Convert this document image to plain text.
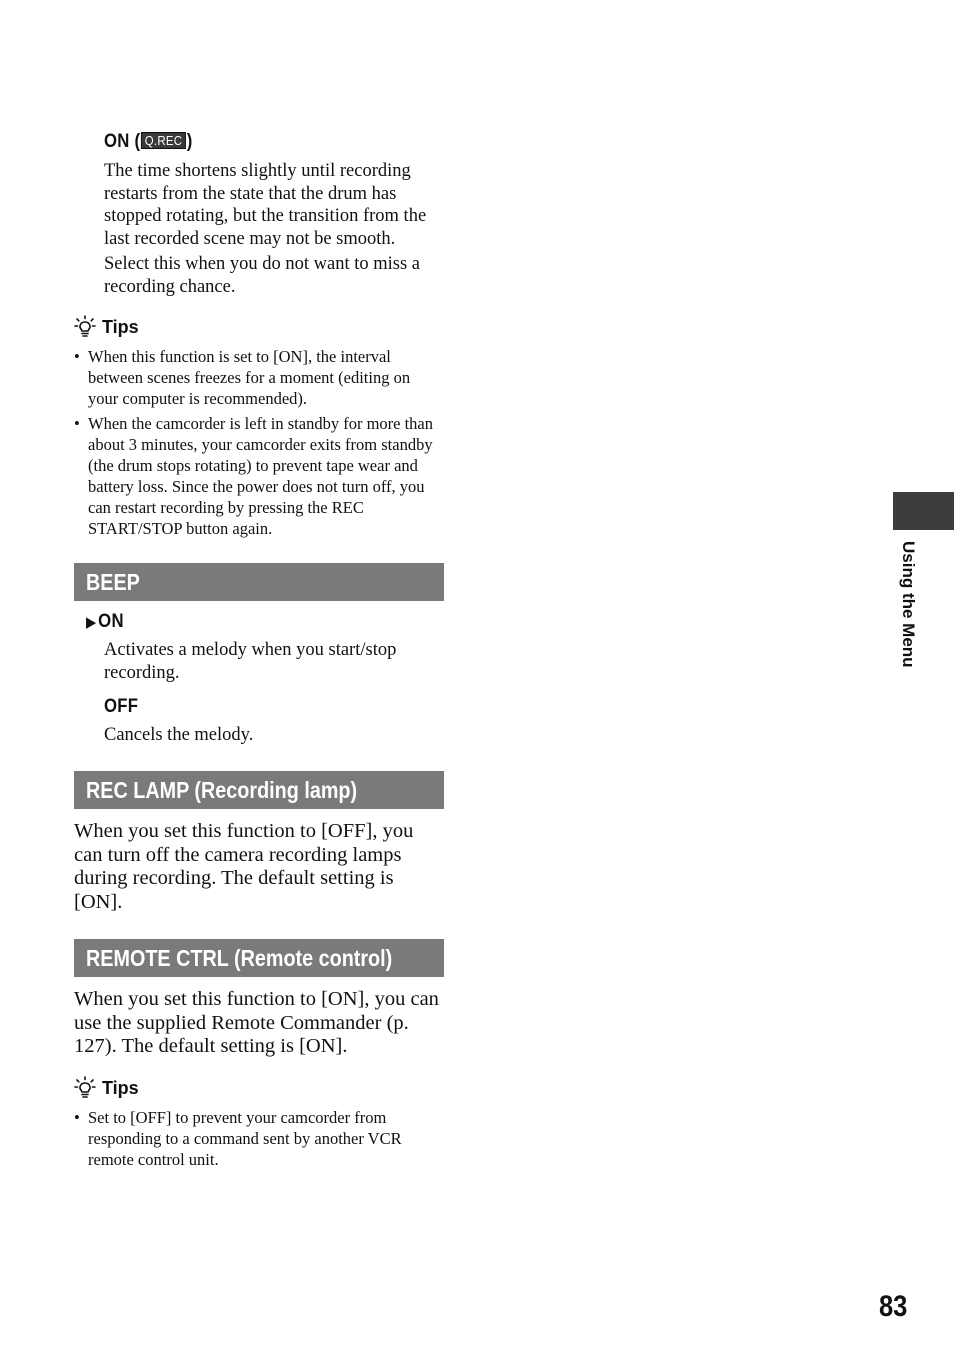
ON ( Q.REC )

The time shortens slightly until recording restarts from the state that the drum has stopped rotating, but the transition from the last recorded scene may not be smooth.

Select this when you do not want to miss a recording chance.

Tips
• When this function is set to [ON], the interval between scenes freezes for a moment (editing on your computer is recommended).
• When the camcorder is left in standby for more than about 3 minutes, your camcorder exits from standby (the drum stops rotating) to prevent tape wear and battery loss. Since the power does not turn off, you can restart recording by pressing the REC START/STOP button again.
BEEP
▶ON

Activates a melody when you start/stop recording.

OFF

Cancels the melody.

REC LAMP (Recording lamp)

When you set this function to [OFF], you can turn off the camera recording lamps during recording. The default setting is [ON].

REMOTE CTRL (Remote control)

When you set this function to [ON], you can use the supplied Remote Commander (p. 127). The default setting is [ON].

Tips
• Set to [OFF] to prevent your camcorder from responding to a command sent by another VCR remote control unit.
Using the Menu
83
